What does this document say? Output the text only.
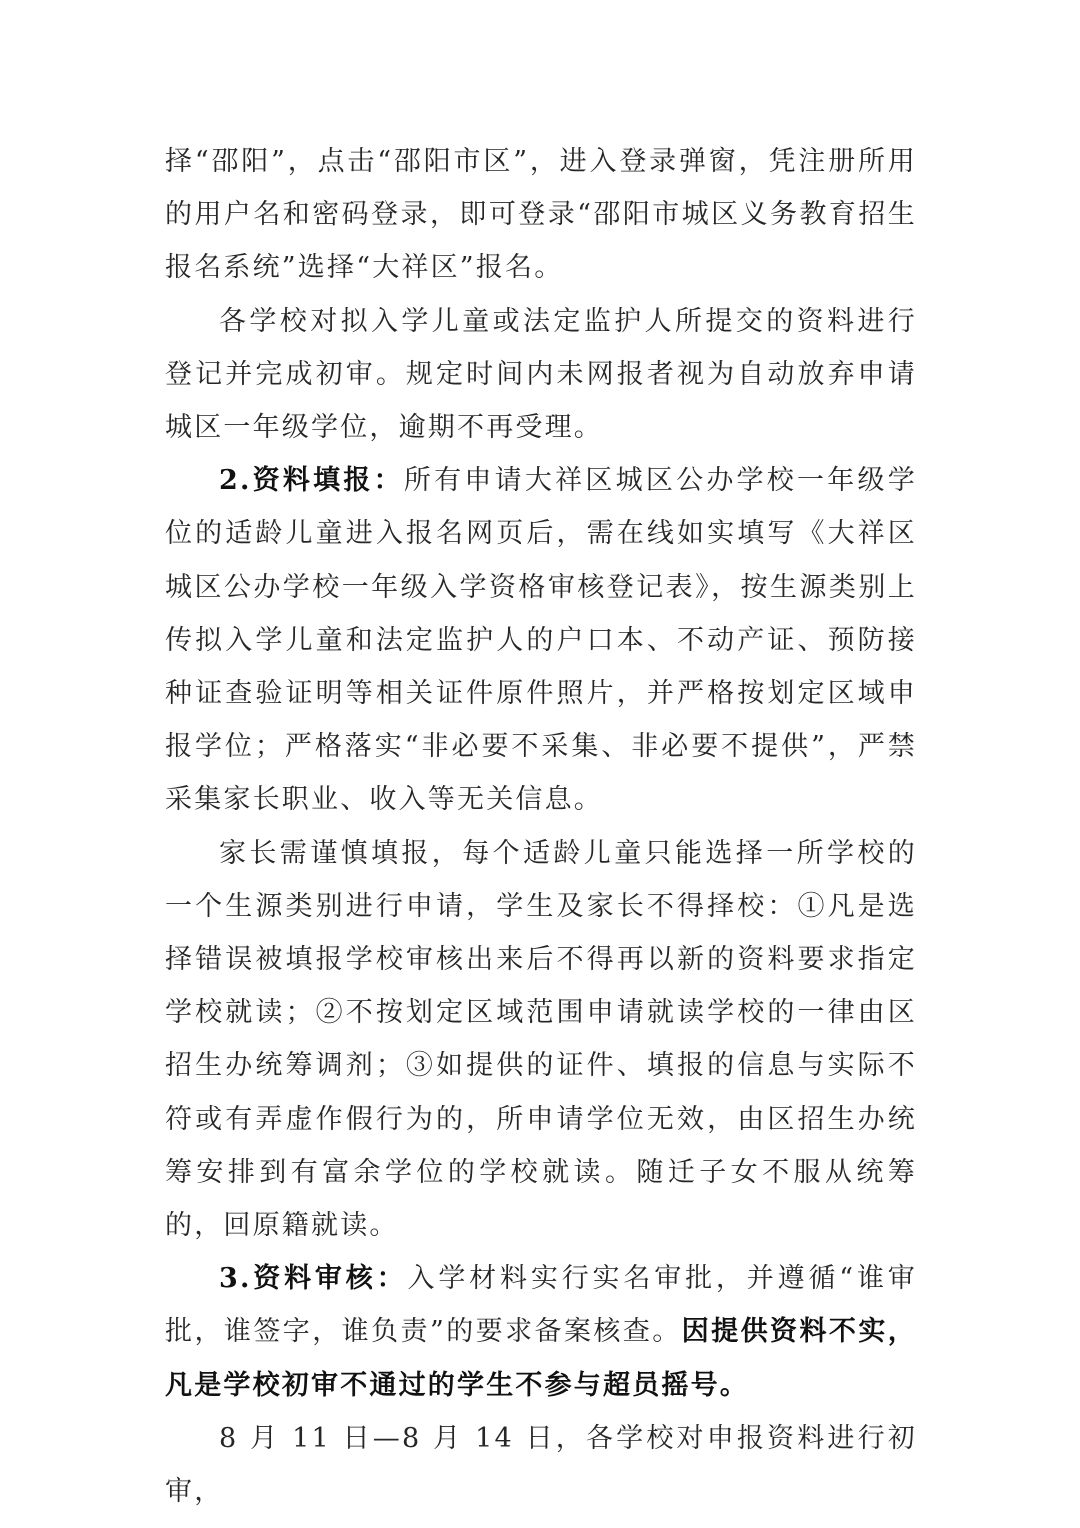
择“邵阳”，点击“邵阳市区”，进入登录弹窗，凭注册所用的用户名和密码登录，即可登录“邵阳市城区义务教育招生报名系统”选择“大祥区”报名。

各学校对拟入学儿童或法定监护人所提交的资料进行登记并完成初审。规定时间内未网报者视为自动放弃申请城区一年级学位，逾期不再受理。

2.资料填报：所有申请大祥区城区公办学校一年级学位的适龄儿童进入报名网页后，需在线如实填写《大祥区城区公办学校一年级入学资格审核登记表》，按生源类别上传拟入学儿童和法定监护人的户口本、不动产证、预防接种证查验证明等相关证件原件照片，并严格按划定区域申报学位；严格落实“非必要不采集、非必要不提供”，严禁采集家长职业、收入等无关信息。

家长需谨慎填报，每个适龄儿童只能选择一所学校的一个生源类别进行申请，学生及家长不得择校：①凡是选择错误被填报学校审核出来后不得再以新的资料要求指定学校就读；②不按划定区域范围申请就读学校的一律由区招生办统筹调剂；③如提供的证件、填报的信息与实际不符或有弄虚作假行为的，所申请学位无效，由区招生办统筹安排到有富余学位的学校就读。随迁子女不服从统筹的，回原籍就读。

3.资料审核：入学材料实行实名审批，并遵循“谁审批，谁签字，谁负责”的要求备案核查。因提供资料不实，凡是学校初审不通过的学生不参与超员摇号。

8 月 11 日—8 月 14 日，各学校对申报资料进行初审，
